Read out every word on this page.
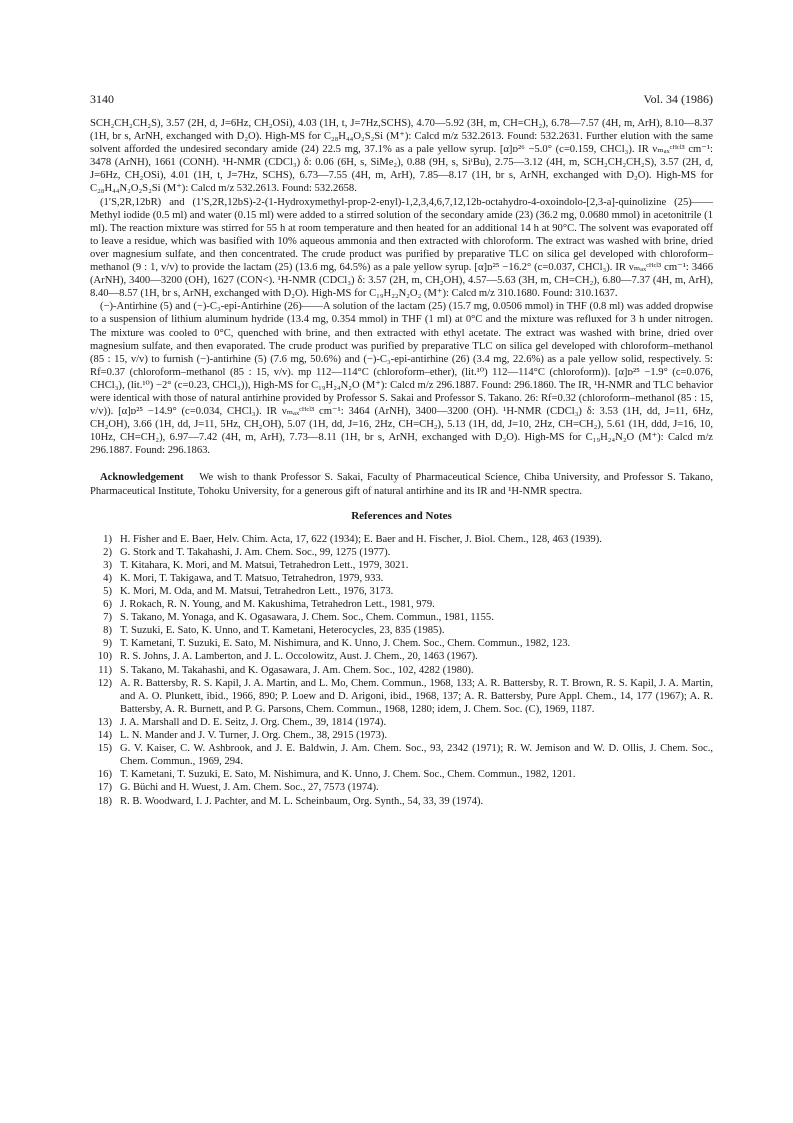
3140	Vol. 34 (1986)

SCH₂CH₂CH₂S), 3.57 (2H, d, J=6Hz, CH₂OSi), 4.03 (1H, t, J=7Hz,SCHS), 4.70—5.92 (3H, m, CH=CH₂), 6.78—7.57 (4H, m, ArH), 8.10—8.37 (1H, br s, ArNH, exchanged with D₂O). High-MS for C₂₈H₄₄O₂S₂Si (M⁺): Calcd m/z 532.2613. Found: 532.2631. Further elution with the same solvent afforded the undesired secondary amide (24) 22.5 mg, 37.1% as a pale yellow syrup. [α]ᴅ²⁶ −5.0° (c=0.159, CHCl₃). IR νₘₐₓᶜᴴᶜˡ³ cm⁻¹: 3478 (ArNH), 1661 (CONH). ¹H-NMR (CDCl₃) δ: 0.06 (6H, s, SiMe₂), 0.88 (9H, s, SiᵗBu), 2.75—3.12 (4H, m, SCH₂CH₂CH₂S), 3.57 (2H, d, J=6Hz, CH₂OSi), 4.01 (1H, t, J=7Hz, SCHS), 6.73—7.55 (4H, m, ArH), 7.85—8.17 (1H, br s, ArNH, exchanged with D₂O). High-MS for C₂₈H₄₄N₂O₂S₂Si (M⁺): Calcd m/z 532.2613. Found: 532.2658.

(1′S,2R,12bR) and (1′S,2R,12bS)-2-(1-Hydroxymethyl-prop-2-enyl)-1,2,3,4,6,7,12,12b-octahydro-4-oxoindolo-[2,3-a]-quinolizine (25)——Methyl iodide (0.5 ml) and water (0.15 ml) were added to a stirred solution of the secondary amide (23) (36.2 mg, 0.0680 mmol) in acetonitrile (1 ml). The reaction mixture was stirred for 55 h at room temperature and then heated for an additional 14 h at 90°C. The solvent was evaporated off to leave a residue, which was basified with 10% aqueous ammonia and then extracted with chloroform. The extract was washed with brine, dried over magnesium sulfate, and then concentrated. The crude product was purified by preparative TLC on silica gel developed with chloroform–methanol (9 : 1, v/v) to provide the lactam (25) (13.6 mg, 64.5%) as a pale yellow syrup. [α]ᴅ²⁵ −16.2° (c=0.037, CHCl₃). IR νₘₐₓᶜᴴᶜˡ³ cm⁻¹: 3466 (ArNH), 3400—3200 (OH), 1627 (CON<). ¹H-NMR (CDCl₃) δ: 3.57 (2H, m, CH₂OH), 4.57—5.63 (3H, m, CH=CH₂), 6.80—7.37 (4H, m, ArH), 8.40—8.57 (1H, br s, ArNH, exchanged with D₂O). High-MS for C₁₉H₂₂N₂O₂ (M⁺): Calcd m/z 310.1680. Found: 310.1637.

(−)-Antirhine (5) and (−)-C₃-epi-Antirhine (26)——A solution of the lactam (25) (15.7 mg, 0.0506 mmol) in THF (0.8 ml) was added dropwise to a suspension of lithium aluminum hydride (13.4 mg, 0.354 mmol) in THF (1 ml) at 0°C and the mixture was refluxed for 3 h under nitrogen. The mixture was cooled to 0°C, quenched with brine, and then extracted with ethyl acetate. The extract was washed with brine, dried over magnesium sulfate, and then evaporated. The crude product was purified by preparative TLC on silica gel developed with chloroform–methanol (85 : 15, v/v) to furnish (−)-antirhine (5) (7.6 mg, 50.6%) and (−)-C₃-epi-antirhine (26) (3.4 mg, 22.6%) as a pale yellow solid, respectively. 5: Rf=0.37 (chloroform–methanol (85 : 15, v/v). mp 112—114°C (chloroform–ether), (lit.¹⁰) 112—114°C (chloroform)). [α]ᴅ²⁵ −1.9° (c=0.076, CHCl₃), (lit.¹⁰) −2° (c=0.23, CHCl₃)), High-MS for C₁₉H₂₄N₂O (M⁺): Calcd m/z 296.1887. Found: 296.1860. The IR, ¹H-NMR and TLC behavior were identical with those of natural antirhine provided by Professor S. Sakai and Professor S. Takano. 26: Rf=0.32 (chloroform–methanol (85 : 15, v/v)). [α]ᴅ²⁵ −14.9° (c=0.034, CHCl₃). IR νₘₐₓᶜᴴᶜˡ³ cm⁻¹: 3464 (ArNH), 3400—3200 (OH). ¹H-NMR (CDCl₃) δ: 3.53 (1H, dd, J=11, 6Hz, CH₂OH), 3.66 (1H, dd, J=11, 5Hz, CH₂OH), 5.07 (1H, dd, J=16, 2Hz, CH=CH₂), 5.13 (1H, dd, J=10, 2Hz, CH=CH₂), 5.61 (1H, ddd, J=16, 10, 10Hz, CH=CH₂), 6.97—7.42 (4H, m, ArH), 7.73—8.11 (1H, br s, ArNH, exchanged with D₂O). High-MS for C₁₉H₂₄N₂O (M⁺): Calcd m/z 296.1887. Found: 296.1863.

Acknowledgement We wish to thank Professor S. Sakai, Faculty of Pharmaceutical Science, Chiba University, and Professor S. Takano, Pharmaceutical Institute, Tohoku University, for a generous gift of natural antirhine and its IR and ¹H-NMR spectra.

References and Notes
1) H. Fisher and E. Baer, Helv. Chim. Acta, 17, 622 (1934); E. Baer and H. Fischer, J. Biol. Chem., 128, 463 (1939).
2) G. Stork and T. Takahashi, J. Am. Chem. Soc., 99, 1275 (1977).
3) T. Kitahara, K. Mori, and M. Matsui, Tetrahedron Lett., 1979, 3021.
4) K. Mori, T. Takigawa, and T. Matsuo, Tetrahedron, 1979, 933.
5) K. Mori, M. Oda, and M. Matsui, Tetrahedron Lett., 1976, 3173.
6) J. Rokach, R. N. Young, and M. Kakushima, Tetrahedron Lett., 1981, 979.
7) S. Takano, M. Yonaga, and K. Ogasawara, J. Chem. Soc., Chem. Commun., 1981, 1155.
8) T. Suzuki, E. Sato, K. Unno, and T. Kametani, Heterocycles, 23, 835 (1985).
9) T. Kametani, T. Suzuki, E. Sato, M. Nishimura, and K. Unno, J. Chem. Soc., Chem. Commun., 1982, 123.
10) R. S. Johns, J. A. Lamberton, and J. L. Occolowitz, Aust. J. Chem., 20, 1463 (1967).
11) S. Takano, M. Takahashi, and K. Ogasawara, J. Am. Chem. Soc., 102, 4282 (1980).
12) A. R. Battersby, R. S. Kapil, J. A. Martin, and L. Mo, Chem. Commun., 1968, 133; A. R. Battersby, R. T. Brown, R. S. Kapil, J. A. Martin, and A. O. Plunkett, ibid., 1966, 890; P. Loew and D. Arigoni, ibid., 1968, 137; A. R. Battersby, Pure Appl. Chem., 14, 177 (1967); A. R. Battersby, A. R. Burnett, and P. G. Parsons, Chem. Commun., 1968, 1280; idem, J. Chem. Soc. (C), 1969, 1187.
13) J. A. Marshall and D. E. Seitz, J. Org. Chem., 39, 1814 (1974).
14) L. N. Mander and J. V. Turner, J. Org. Chem., 38, 2915 (1973).
15) G. V. Kaiser, C. W. Ashbrook, and J. E. Baldwin, J. Am. Chem. Soc., 93, 2342 (1971); R. W. Jemison and W. D. Ollis, J. Chem. Soc., Chem. Commun., 1969, 294.
16) T. Kametani, T. Suzuki, E. Sato, M. Nishimura, and K. Unno, J. Chem. Soc., Chem. Commun., 1982, 1201.
17) G. Büchi and H. Wuest, J. Am. Chem. Soc., 27, 7573 (1974).
18) R. B. Woodward, I. J. Pachter, and M. L. Scheinbaum, Org. Synth., 54, 33, 39 (1974).
